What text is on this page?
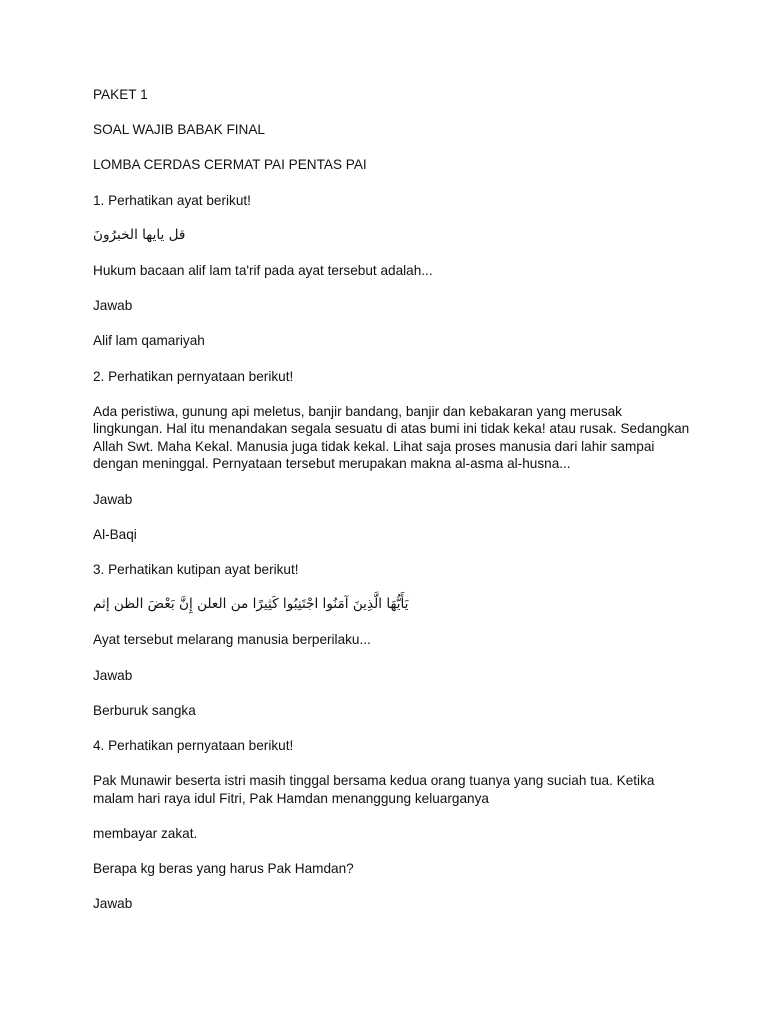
PAKET 1

SOAL WAJIB BABAK FINAL

LOMBA CERDAS CERMAT PAI PENTAS PAI

1. Perhatikan ayat berikut!

قل يايها الخبرُونَ

Hukum bacaan alif lam ta'rif pada ayat tersebut adalah...

Jawab

Alif lam qamariyah

2. Perhatikan pernyataan berikut!

Ada peristiwa, gunung api meletus, banjir bandang, banjir dan kebakaran yang merusak lingkungan. Hal itu menandakan segala sesuatu di atas bumi ini tidak keka! atau rusak. Sedangkan Allah Swt. Maha Kekal. Manusia juga tidak kekal. Lihat saja proses manusia dari lahir sampai dengan meninggal. Pernyataan tersebut merupakan makna al-asma al-husna...

Jawab

Al-Baqi

3. Perhatikan kutipan ayat berikut!

يَأَيُّهَا الَّذِينَ آمَنُوا اجْتَنِبُوا كَثِيرًا من العلن إِنَّ بَعْضَ الظن إثم

Ayat tersebut melarang manusia berperilaku...

Jawab

Berburuk sangka

4. Perhatikan pernyataan berikut!

Pak Munawir beserta istri masih tinggal bersama kedua orang tuanya yang suciah tua. Ketika malam hari raya idul Fitri, Pak Hamdan menanggung keluarganya

membayar zakat.

Berapa kg beras yang harus Pak Hamdan?

Jawab
